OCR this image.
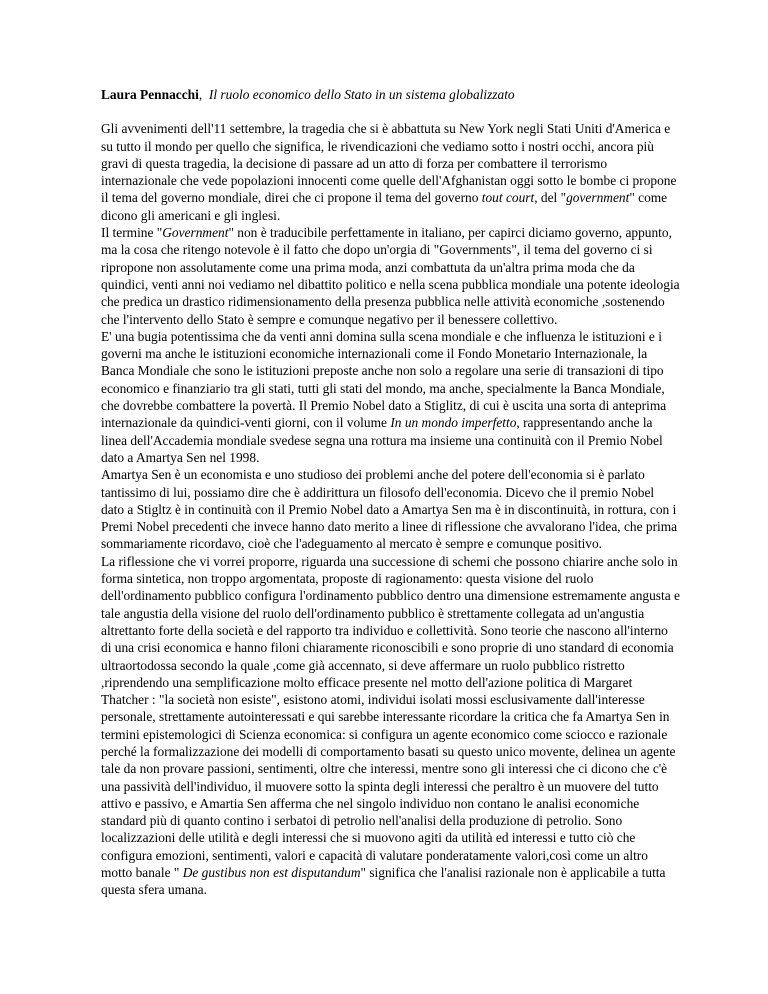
Laura Pennacchi, Il ruolo economico dello Stato in un sistema globalizzato

Gli avvenimenti dell'11 settembre, la tragedia che si è abbattuta su New York negli Stati Uniti d'America e su tutto il mondo per quello che significa, le rivendicazioni che vediamo sotto i nostri occhi, ancora più gravi di questa tragedia, la decisione di passare ad un atto di forza per combattere il terrorismo internazionale che vede popolazioni innocenti come quelle dell'Afghanistan oggi sotto le bombe ci propone il tema del governo mondiale, direi che ci propone il tema del governo tout court, del "government" come dicono gli americani e gli inglesi.

Il termine "Government" non è traducibile perfettamente in italiano, per capirci diciamo governo, appunto, ma la cosa che ritengo notevole è il fatto che dopo un'orgia di "Governments", il tema del governo ci si ripropone non assolutamente come una prima moda, anzi combattuta da un'altra prima moda che da quindici, venti anni noi vediamo nel dibattito politico e nella scena pubblica mondiale una potente ideologia che predica un drastico ridimensionamento della presenza pubblica nelle attività economiche ,sostenendo che l'intervento dello Stato è sempre e comunque negativo per il benessere collettivo.

E' una bugia potentissima che da venti anni domina sulla scena mondiale e che influenza le istituzioni e i governi ma anche le istituzioni economiche internazionali come il Fondo Monetario Internazionale, la Banca Mondiale che sono le istituzioni preposte anche non solo a regolare una serie di transazioni di tipo economico e finanziario tra gli stati, tutti gli stati del mondo, ma anche, specialmente la Banca Mondiale, che dovrebbe combattere la povertà. Il Premio Nobel dato a Stiglitz, di cui è uscita una sorta di anteprima internazionale da quindici-venti giorni, con il volume In un mondo imperfetto, rappresentando anche la linea dell'Accademia mondiale svedese segna una rottura ma insieme una continuità con il Premio Nobel dato a Amartya Sen nel 1998.

Amartya Sen è un economista e uno studioso dei problemi anche del potere dell'economia si è parlato tantissimo di lui, possiamo dire che è addirittura un filosofo dell'economia. Dicevo che il premio Nobel dato a Stigltz è in continuità con il Premio Nobel dato a Amartya Sen ma è in discontinuità, in rottura, con i Premi Nobel precedenti che invece hanno dato merito a linee di riflessione che avvalorano l'idea, che prima sommariamente ricordavo, cioè che l'adeguamento al mercato è sempre e comunque positivo.

La riflessione che vi vorrei proporre, riguarda una successione di schemi che possono chiarire anche solo in forma sintetica, non troppo argomentata, proposte di ragionamento: questa visione del ruolo dell'ordinamento pubblico configura l'ordinamento pubblico dentro una dimensione estremamente angusta e tale angustia della visione del ruolo dell'ordinamento pubblico è strettamente collegata ad un'angustia altrettanto forte della società e del rapporto tra individuo e collettività. Sono teorie che nascono all'interno di una crisi economica e hanno filoni chiaramente riconoscibili e sono proprie di uno standard di economia ultraortodossa secondo la quale ,come già accennato, si deve affermare un ruolo pubblico ristretto ,riprendendo una semplificazione molto efficace presente nel motto dell'azione politica di Margaret Thatcher : "la società non esiste", esistono atomi, individui isolati mossi esclusivamente dall'interesse personale, strettamente autointeressati e qui sarebbe interessante ricordare la critica che fa Amartya Sen in termini epistemologici di Scienza economica: si configura un agente economico come sciocco e razionale perché la formalizzazione dei modelli di comportamento basati su questo unico movente, delinea un agente tale da non provare passioni, sentimenti, oltre che interessi, mentre sono gli interessi che ci dicono che c'è una passività dell'individuo, il muovere sotto la spinta degli interessi che peraltro è un muovere del tutto attivo e passivo, e Amartia Sen afferma che nel singolo individuo non contano le analisi economiche standard più di quanto contino i serbatoi di petrolio nell'analisi della produzione di petrolio. Sono localizzazioni delle utilità e degli interessi che si muovono agiti da utilità ed interessi e tutto ciò che configura emozioni, sentimenti, valori e capacità di valutare ponderatamente valori,così come un altro motto banale " De gustibus non est disputandum" significa che l'analisi razionale non è applicabile a tutta questa sfera umana.
